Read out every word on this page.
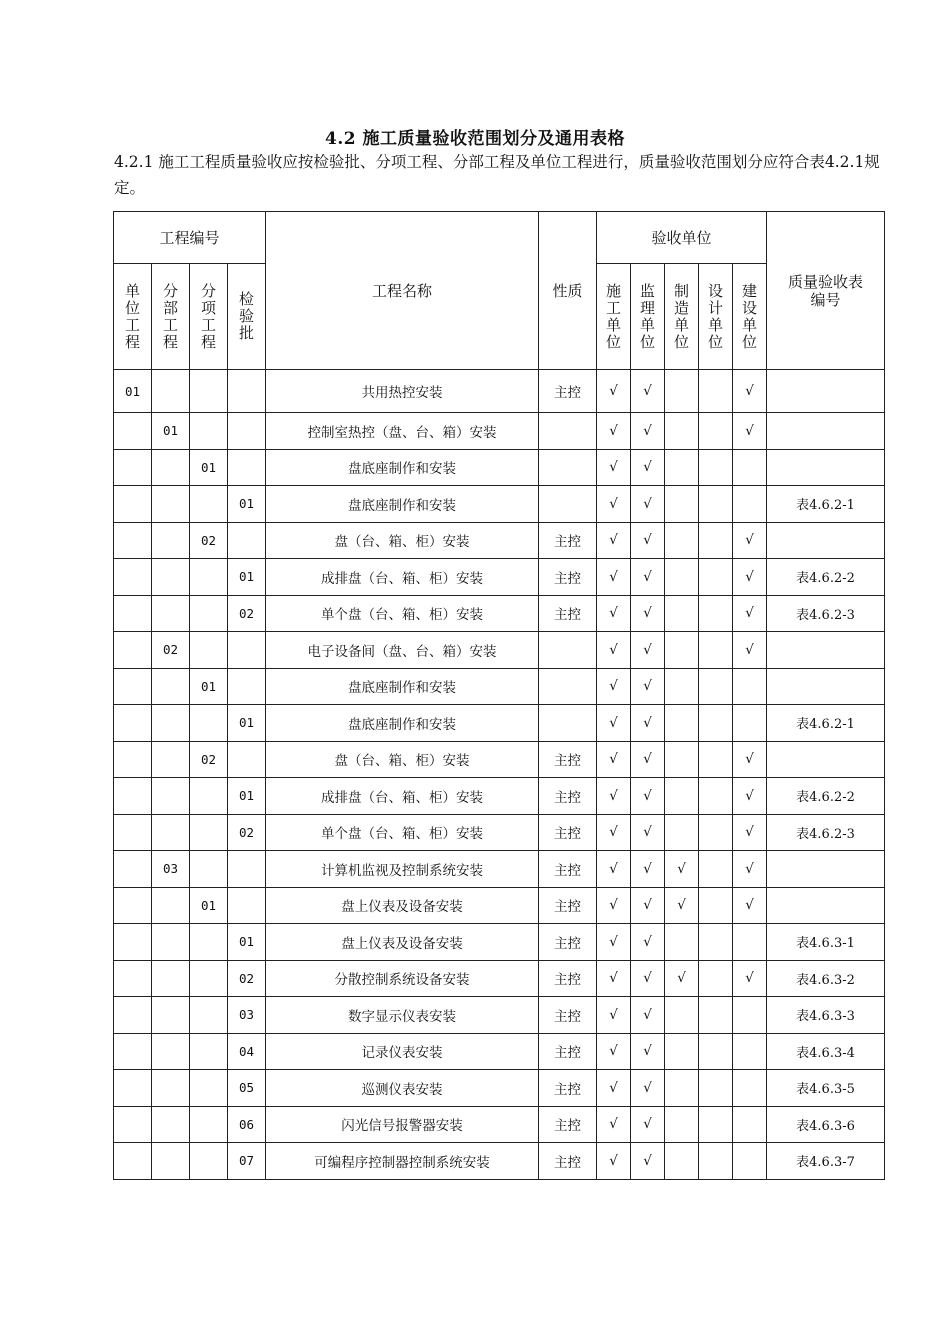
4.2 施工质量验收范围划分及通用表格
4.2.1 施工工程质量验收应按检验批、分项工程、分部工程及单位工程进行，质量验收范围划分应符合表4.2.1规定。
工程编号				工程名称	性质	验收单位					质量验收表编号
单位工程	分部工程	分项工程	检验批			施工单位	监理单位	制造单位	设计单位	建设单位	
01				共用热控安装	主控	√	√			√	
	01			控制室热控（盘、台、箱）安装		√	√			√	
		01		盘底座制作和安装		√	√				
			01	盘底座制作和安装		√	√				表4.6.2-1
		02		盘（台、箱、柜）安装	主控	√	√			√	
			01	成排盘（台、箱、柜）安装	主控	√	√			√	表4.6.2-2
			02	单个盘（台、箱、柜）安装	主控	√	√			√	表4.6.2-3
	02			电子设备间（盘、台、箱）安装		√	√			√	
		01		盘底座制作和安装		√	√				
			01	盘底座制作和安装		√	√				表4.6.2-1
		02		盘（台、箱、柜）安装	主控	√	√			√	
			01	成排盘（台、箱、柜）安装	主控	√	√			√	表4.6.2-2
			02	单个盘（台、箱、柜）安装	主控	√	√			√	表4.6.2-3
	03			计算机监视及控制系统安装	主控	√	√	√		√	
		01		盘上仪表及设备安装	主控	√	√	√		√	
			01	盘上仪表及设备安装	主控	√	√				表4.6.3-1
			02	分散控制系统设备安装	主控	√	√	√		√	表4.6.3-2
			03	数字显示仪表安装	主控	√	√				表4.6.3-3
			04	记录仪表安装	主控	√	√				表4.6.3-4
			05	巡测仪表安装	主控	√	√				表4.6.3-5
			06	闪光信号报警器安装	主控	√	√				表4.6.3-6
			07	可编程序控制器控制系统安装	主控	√	√				表4.6.3-7
